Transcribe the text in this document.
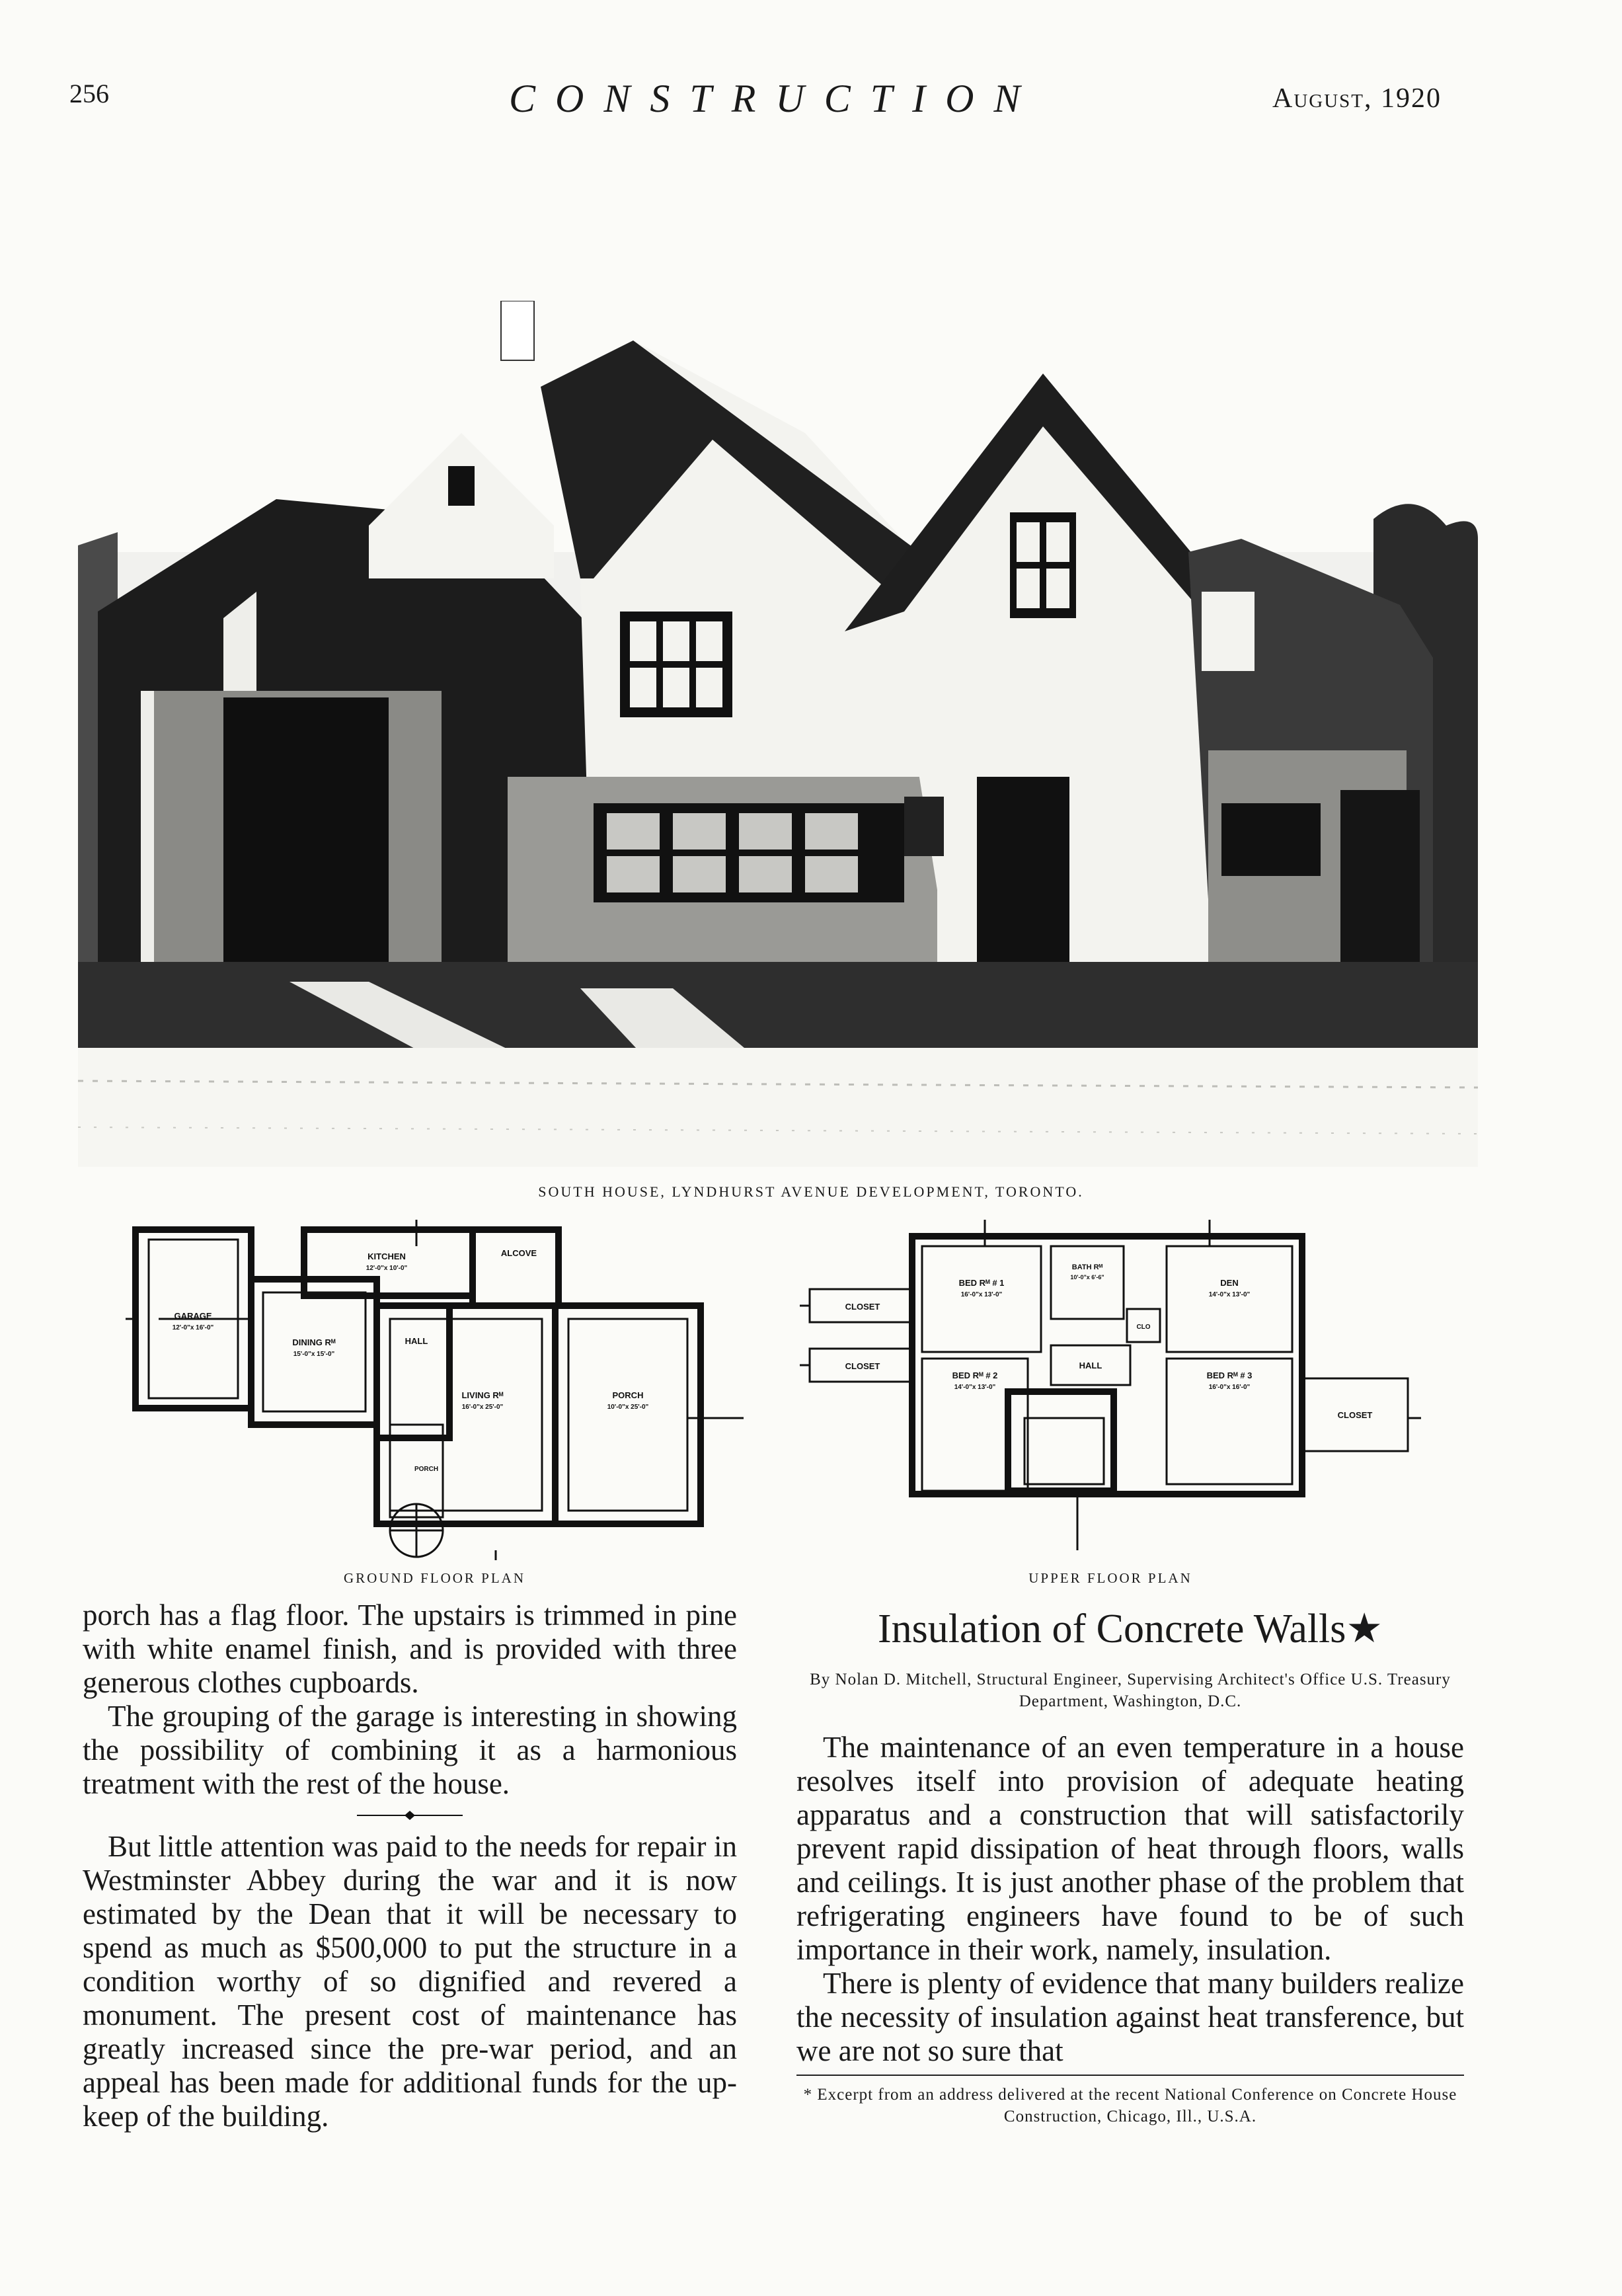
256	CONSTRUCTION	August, 1920
SOUTH HOUSE, LYNDHURST AVENUE DEVELOPMENT, TORONTO.
GARAGE
12'-0"x 16'-0"
KITCHEN
12'-0"x 10'-0"
ALCOVE
DINING Rᴹ
15'-0"x 15'-0"
HALL
LIVING Rᴹ
16'-0"x 25'-0"
PORCH
10'-0"x 25'-0"
PORCH
GROUND FLOOR PLAN
CLOSET
CLOSET
CLOSET
BED Rᴹ # 1
16'-0"x 13'-0"
BATH Rᴹ
10'-0"x 6'-6"
DEN
14'-0"x 13'-0"
CLO
BED Rᴹ # 2
14'-0"x 13'-0"
HALL
BED Rᴹ # 3
16'-0"x 16'-0"
UPPER FLOOR PLAN

porch has a flag floor. The upstairs is trimmed in pine with white enamel finish, and is provided with three generous clothes cupboards.

The grouping of the garage is interesting in showing the possibility of combining it as a harmonious treatment with the rest of the house.

But little attention was paid to the needs for repair in Westminster Abbey during the war and it is now estimated by the Dean that it will be necessary to spend as much as $500,000 to put the structure in a condition worthy of so dignified and revered a monument. The present cost of maintenance has greatly increased since the pre-war period, and an appeal has been made for additional funds for the up-keep of the building.

Insulation of Concrete Walls★
By Nolan D. Mitchell, Structural Engineer, Supervising Architect's Office U.S. Treasury Department, Washington, D.C.

The maintenance of an even temperature in a house resolves itself into provision of adequate heating apparatus and a construction that will satisfactorily prevent rapid dissipation of heat through floors, walls and ceilings. It is just another phase of the problem that refrigerating engineers have found to be of such importance in their work, namely, insulation.

There is plenty of evidence that many builders realize the necessity of insulation against heat transference, but we are not so sure that

* Excerpt from an address delivered at the recent National Conference on Concrete House Construction, Chicago, Ill., U.S.A.
